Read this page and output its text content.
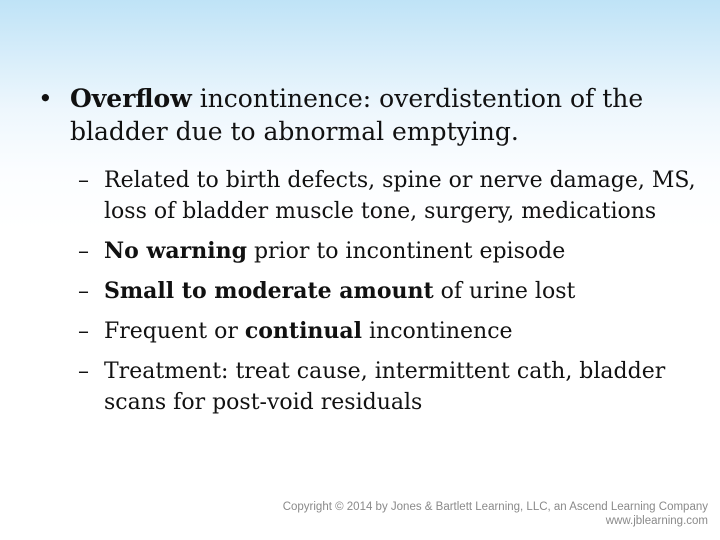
• Overflow incontinence: overdistention of the bladder due to abnormal emptying.
– Related to birth defects, spine or nerve damage, MS, loss of bladder muscle tone, surgery, medications
– No warning prior to incontinent episode
– Small to moderate amount of urine lost
– Frequent or continual incontinence
– Treatment: treat cause, intermittent cath, bladder scans for post-void residuals
Copyright © 2014 by Jones & Bartlett Learning, LLC, an Ascend Learning Company
www.jblearning.com
